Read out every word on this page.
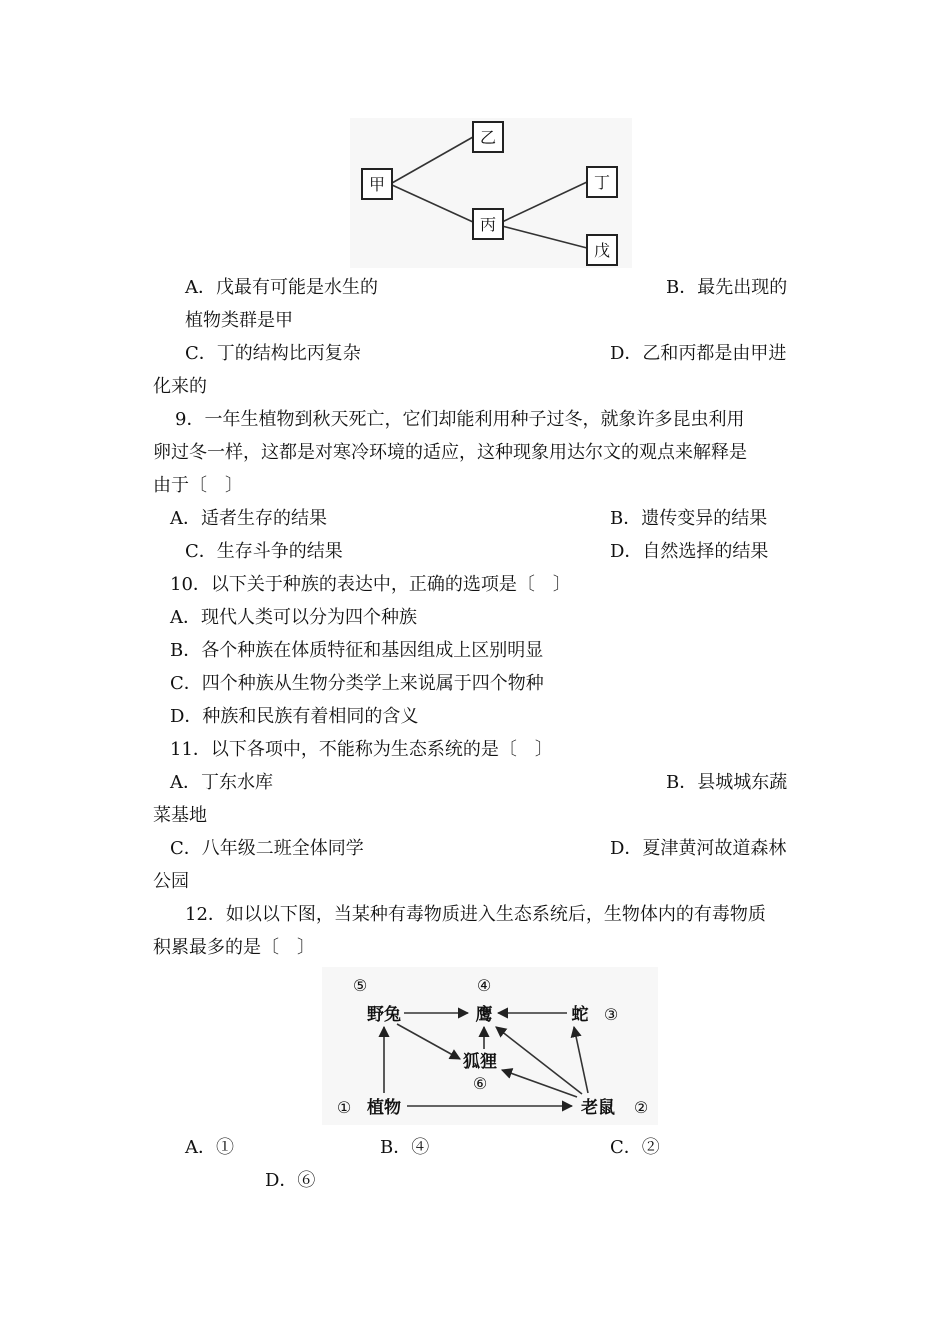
甲
乙
丙
丁
戊
A．戊最有可能是水生的	B．最先出现的
植物类群是甲
C．丁的结构比丙复杂	D．乙和丙都是由甲进
化来的
9．一年生植物到秋天死亡，它们却能利用种子过冬，就象许多昆虫利用
卵过冬一样，这都是对寒冷环境的适应，这种现象用达尔文的观点来解释是
由于〔　〕
A．适者生存的结果	B．遗传变异的结果
C．生存斗争的结果	D．自然选择的结果
10．以下关于种族的表达中，正确的选项是〔　〕
A．现代人类可以分为四个种族
B．各个种族在体质特征和基因组成上区别明显
C．四个种族从生物分类学上来说属于四个物种
D．种族和民族有着相同的含义
11．以下各项中，不能称为生态系统的是〔　〕
A．丁东水库	B．县城城东蔬
菜基地
C．八年级二班全体同学	D．夏津黄河故道森林
公园
12．如以以下图，当某种有毒物质进入生态系统后，生物体内的有毒物质
积累最多的是〔　〕
⑤
野兔
④
鹰	蛇 ③
狐狸
⑥
① 植物	老鼠 ②
A．①	B．④	C．②
D．⑥
